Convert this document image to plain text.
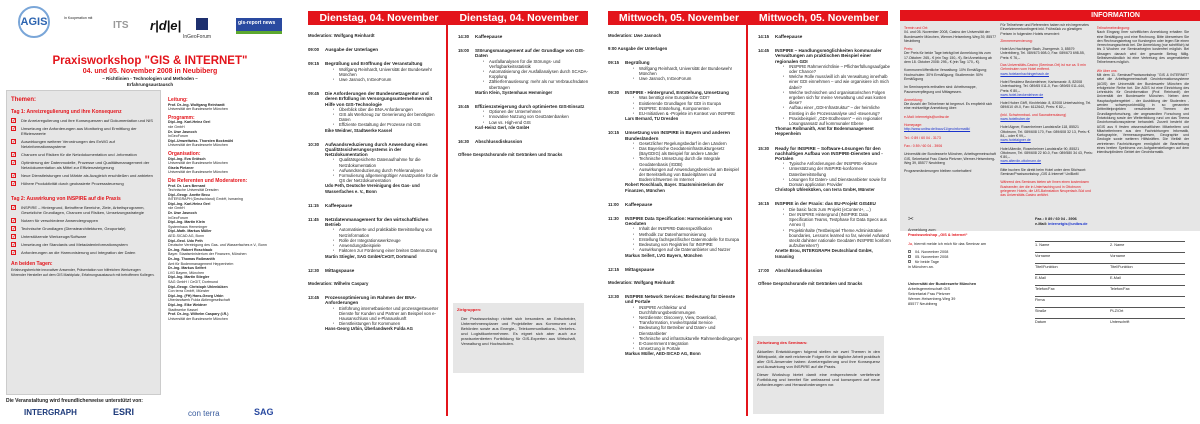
AGIS	In Kooperation mit
ITS r|d|e|
InGeoForum
gis-report news
Praxisworkshop "GIS & INTERNET"
04. und 05. November 2008 in Neubiberg
– Richtlinien - Technologien und Methoden –
Erfahrungsaustausch
Themen:
Tag 1: Anreizregulierung und ihre Konsequenz
✓ Die Anreizregulierung und ihre Konsequenzen auf Dokumentation und NIS
✓ Umsetzung der Anforderungen aus Monitoring und Ermittlung der Effizienzwerte
✓ Auswirkungen weiterer Verordnungen des EnWG auf Netzinformationssysteme
✓ Chancen und Risiken für die Netzdokumentation und -information
✓ Optimierung der Datenmodelle, Prozesse und Qualitätsmanagement der Netzdokumentation als Mittel zur Effizienzsteigerung
✓ Neue Dienstleistungen und Märkte als Ausgleich erschließen und anbieten
✓ Höhere Produktivität durch geobasierte Prozesssteuerung
Tag 2: Auswirkung von INSPIRE auf die Praxis
✓ INSPIRE – Hintergrund, Betroffene Bereiche, Ziele, Arbeitsprogramm, Gesetzliche Grundlagen, Chancen und Risiken, Umsetzungsstrategie
✓ Nutzen für verschiedene Anwendergruppen
✓ Technische Grundlagen (Dienstearchitekturen, Geoportale)
✓ Unterstützende Werkzeuge/Software
✓ Umsetzung der Standards und Metadateninformationsystem
✓ Anforderungen an die Harmonisierung und Integration der Daten
An beiden Tagen:
Erfahrungsberichte innovativer Anwender, Präsentation von hilfreichen Werkzeugen führender Hersteller auf dem GIS Marktplatz, Erfahrungsaustausch mit betroffenen Kollegen.
Leitung:
Prof. Dr.-Ing. Wolfgang Reinhardt
Universität der Bundeswehr München
Programm:
Dipl.-Ing. Karl-Heinz Gerl
rde GmbH
Dr. Uwe Jasnoch
InGeoForum
Dipl.-Umweltwiss. Thorsten Bockmühl
Universität der Bundeswehr München
Organisation:
Dipl.-Ing. Eva Grötsch
Universität der Bundeswehr München
Gisela Pletzner
Universität der Bundeswehr München
Die Referenten und Moderatoren:
Prof. Dr. Lars Bernard
Technische Universität Dresden
Dipl.-Geogr. Anette Brou
INTERGRAPH (Deutschland) GmbH, Ismaning
Dipl.-Ing. Karl-Heinz Gerl
rde GmbH
Dr. Uwe Jasnoch
InGeoForum
Dipl.-Ing. Martin Klein
Systemhaus Hemminger
Dipl.-Math. Markus Müller
AED-SICAD AG, Bonn
Dipl.-Geol. Udo Peth
Deutsche Vereinigung des Gas- und Wasserfaches e.V., Bonn
Dr.-Ing. Robert Roschlaub
Bayer. Staatsministerium der Finanzen, München
Dr.-Ing. Thomas Roßmanith
Amt für Bodenmanagement Heppenheim
Dr.-Ing. Markus Seifert
LVG Bayern, München
Dipl.-Ing. Martin Stiegler
SAG GmbH / CeGIT, Dortmund
Dipl.-Geogr. Christoph Uhlenküken
Con terra GmbH, Münster
Dipl.-Ing. (FH) Hans-Georg Urbin
Überlandwerk Fulda Aktiengesellschaft
Dipl.-Ing. Eike Weidner
Stadtwerke Kassel
Prof. Dr.-Ing. Wilhelm Caspary (i.R.)
Universität der Bundeswehr München
Die Veranstaltung wird freundlicherweise unterstützt von:
INTERGRAPH	ESRI	con terra	SAG
Dienstag, 04. November 2008
Moderation: Wolfgang Reinhardt
09:00	Ausgabe der Unterlagen
09:15	Begrüßung und Eröffnung der Veranstaltung
▪ Wolfgang Reinhardt, Universität der Bundeswehr München
▪ Uwe Jasnoch, InGeoForum
09:45	Die Anforderungen der Bundesnetzagentur und deren Erfüllung im Versorgungsunternehmen mit Hilfe von GIS-Technologie
▪ Überblick über die BNA Anforderungen
▪ GIS als Werkzeug zur Generierung der benötigten Daten
▪ Effiziente Gestaltung der Prozesse mit GIS
Eike Weidner, Stadtwerke Kassel
10:30	Aufwandsreduzierung durch Anwendung eines Qualitätssicherungssystems in der Netzdokumentation
▪ Qualitätsgesicherte Datenaufnahme für die Netzdokumentation
▪ Aufwandsreduzierung durch Fehleranalysen
▪ Formulierung allgemeingültiger Ansatzpunkte für die QS der Netzdokumentation
Udo Peth, Deutsche Vereinigung des Gas- und Wasserfaches e. V., Bonn
11:15	Kaffeepause
11:45	Netzdatenmanagement für den wirtschaftlichen Betrieb
▪ Automatisierte und praktikable Bereitstellung von Netzinformation
▪ Rolle der Integrationswerkzeuge
▪ Anwendungsbeispiele
▪ Faktoren zur Förderung einer breiten Datennutzung
Martin Stiegler, SAG GmbH/CeGIT, Dortmund
12:30	Mittagspause
Moderation: Wilhelm Caspary
13:45	Prozessoptimierung im Rahmen der BNA-Anforderungen
▪ Einführung internetbasierter und prozessgesteuerter Dienste für Kunden und Partner am Beispiel von e-Hausanschluss und e-Planauskunft
▪ Dienstleistungen für Kommunen
Hans-Georg Urbin, Überlandwerk Fulda AG
Dienstag, 04. November 2008
14:30	Kaffeepause
15:00	Störungsmanagement auf der Grundlage von GIS-Daten
▪ Ausfallanalysen für die Störungs- und Verfügbarkeitsstatistik
▪ Automatisierung der Ausfallanalysen durch SCADA-Kopplung
▪ Zählerfernauslesung: mehr als nur Verbrauchsdaten übertragen
Martin Klein, Systemhaus Hemminger
15:45	Effizienzsteigerung durch optimierten GIS-Einsatz
▪ Optionen der Unternehmen
▪ Innovative Nutzung von GeoDatenbanken
▪ Low vs. High-end GIS
Karl-Heinz Gerl, rde GmbH
16:30	Abschlussdiskussion
Offene Gesprächsrunde mit Getränken und Snacks
Zielgruppen:
Der Praxisworkshop richtet sich besonders an Entscheider, Unternehmensplaner und Projektleiter aus Kommunen und Behörden sowie aus Energie-, Telekommunikations-, Verkehrs- und Logistikunternehmen. Es eignet sich aber auch zur praxisorientierten Fortbildung für GIS-Experten aus Wirtschaft, Verwaltung und Hochschulen.
Mittwoch, 05. November 2008
Moderation: Uwe Jasnoch
9:00 Ausgabe der Unterlagen
09:15	Begrüßung
▪ Wolfgang Reinhardt, Universität der Bundeswehr München
▪ Uwe Jasnoch, InGeoForum
09:30	INSPIRE - Hintergrund, Entstehung, Umsetzung
▪ Was benötigt eine Europäische GDI?
▪ Existierende Grundlagen für GDI in Europa
▪ INSPIRE: Entstehung, Komponenten
▪ EU-Initiativen & -Projekte im Kontext von INSPIRE
Lars Bernard, TU Dresden
10:15	Umsetzung von INSPIRE in Bayern und anderen Bundesländern
▪ Gesetzlicher Regelungsbedarf in den Ländern
▪ Das Bayerische Geodateninfrastrukturgesetz (BayGDIG) als Beispiel für andere Länder
▪ Technische Umsetzung durch die Integrale Geodatenbasis (IGDB)
▪ Auswirkungen auf Anwendungsbereiche am Beispiel der Bereitstellung von Bauleitplänen und Bodenrichtwerten im Internet
Robert Roschlaub, Bayer. Staatsministerium der Finanzen, München
11:00	Kaffeepause
11:30	INSPIRE Data Specification: Harmonisierung von Geodaten
▪ Inhalt der INSPIRE-Datenspezifikation
▪ Methodik zur Datenharmonisierung
▪ Erstellung fachspezifischer Datenmodelle für Europa
▪ Bedeutung von Registries für INSPIRE
▪ Auswirkungen auf die Datenanbieter und Nutzer
Markus Seifert, LVG Bayern, München
12:15	Mittagspause
Moderation: Wolfgang Reinhardt
13:30	INSPIRE Network Services: Bedeutung für Dienste und Portale
▪ INSPIRE Architektur und Durchführungsbestimmungen
▪ Netzdienste: Discovery, View, Download, Transformation, Invoke/Spatial Service
▪ Bedeutung für Betreiber und Daten- und Dienstanbieter
▪ Technische und infrastrukturelle Rahmenbedingungen
▪ E-Government Integration
▪ Umsetzung in Portale
Markus Müller, AED-SICAD AG, Bonn
Mittwoch, 05. November 2008
14:15	Kaffeepause
14:45	INSPIRE – Handlungsmöglichkeiten kommunaler Verwaltungen am praktischen Beispiel einer regionalen GDI
▪ INSPIRE Rahmenrichtlinie – Pflichterfüllungsaufgabe oder Chance?
▪ Welche Rolle muss/will ich als Verwaltung innerhalb einer GDI einnehmen – und wie organisiere ich mich dabei?
▪ Welche technischen und organisatorischen Folgen ergeben sich für meine Verwaltung und was kosten diese?
▪ Aufbau einer „GDI-Infrastruktur“ – der heimliche Einstieg in die Prozessanalyse und -steuerung?
▪ Praxisbeispiel: „GDI-Südhessen“ – ein regionaler Lösungsansatz auf kommunaler Ebene
Thomas Roßmanith, Amt für Bodenmanagement Heppenheim
15:30	Ready for INSPIRE – Software-Lösungen für den nachhaltigen Aufbau von INSPIRE-Diensten und -Portalen
▪ Typische Anforderungen der INSPIRE-Akteure
▪ Unterstützung der INSPIRE-konformen Datenbereitstellung
▪ Lösungen für Daten- und Diensteanbieter sowie für Domain application Provider
Christoph Uhlenküken, con terra GmbH, Münster
16:15	INSPIRE in der Praxis: das EU-Projekt GIS4EU
▪ Die basic facts zum Projekt (eContent+, ...)
▪ Der INSPIRE Hintergrund (INSPIRE Data Specification Teams, Testphase für Data Specs aus Annex I)
▪ Projektinhalte (Testbeispiel Theme Administrative boundaries, Lessons learned so far, wieviel Aufwand steckt dahinter nationale Geodaten INSPIRE konform aufzubereiten?)
Anette Brou, INTERGRAPH Deutschland GmbH, Ismaning
17:00	Abschlussdiskussion
Offene Gesprächsrunde mit Getränken und Snacks
Zielsetzung des Seminars:
Aktuellen Entwicklungen folgend stellen wir zwei Themen in den Mittelpunkt, die weit reichende Folgen für die tägliche Arbeit praktisch aller GIS-Anwender haben: Anreizregulierung und ihre Konsequenz und Auswirkung von INSPIRE auf die Praxis.
Dieser Workshop bietet damit eine entsprechende vertiefende Fortbildung und bereitet Sie umfassend und konsequent auf neue Anforderungen und Herausforderungen vor.
INFORMATION
Termin und Ort:
04. und 05. November 2008, Casino der Universität der Bundeswehr München, Werner-Heisenberg-Weg 39, 85577 Neubiberg
Preis:
Der Preis für beide Tage beträgt bei Anmeldung bis zum 17.Oktober: 265,- € (ein Tag: 150,- €). Bei Anmeldung ab dem 18. Oktober 2008: 295,- € (ein Tag: 170,- €).
Kommunen/öffentliche Verwaltung: 10% Ermäßigung; Hochschulen: 30% Ermäßigung; Studierende: 50% Ermäßigung
Im Seminarpreis enthalten sind: Arbeitsmappe, Pausenverpflegung und Mittagessen.
Anmeldung:
Die Anzahl der Teilnehmer ist begrenzt. Es empfiehlt sich eine rechtzeitige Anmeldung über:
e-Mail: internetgis@unibw.de
Homepage:
http://www.unibw.de/bauv11/geoinformatik/
Tel.: 0 89 / 60 04 - 3173
Fax.: 0 89 / 60 04 - 3906
Universität der Bundeswehr München, Arbeitsgemeinschaft GIS, Sekretariat Frau Gisela Pletzner, Werner-Heisenberg-Weg 39, 85577 Neubiberg
Programmänderungen bleiben vorbehalten!
Für Teilnehmer und Referenten haben wir ein begrenztes Einzelzimmerkontingent inkl. Frühstück zu günstigen Preisen in folgenden Hotels reserviert:
Zimmerreservierung:
Hotel Am Hachinger Bach, Zwergerstr. 3, 85579 Unterbiberg, Tel. 089/673 698-0, Fax: 089/673 698-55, Preis: € 76,–
Das Universitäts-Casino (Seminar-Ort) ist nur ca. 5 min Gehminuten vom Hotel entfernt.
www.hotelamhachingerbach.de
Hotel Residenz Beckenlehner, Karlsmaxstr. 8, 82008 Unterhaching, Tel. 089/65 011-0, Fax: 089/65 011-444, Preis: € 80,–
www.hotel-beckenlehner.de
Hotel Huber GbR, Kirchfeldstr. 8, 82008 Unterhaching, Tel. 089/610 49-0, Fax: 6112642, Preis: € 82,–
(inkl. Schwimmbad- und Saunabenutzung)
www.hotelhuber.de
Hotel Aigner, Rosenheimer Landstraße 118, 85521 Ottobrunn, Tel. 089/608 170, Fax: 089/608 32 13, Preis: € 84,– oder € 99,–
www.hotelaigner.de
Hotel Alterdin, Rosenheimer Landstraße 90, 85521 Ottobrunn, Tel. 089/608 22 60-0, Fax: 089/580 34 43, Preis: € 80,–
www.alterdin-ottobrunn.de
Bitte buchen Sie direkt beim Hotel unter dem Stichwort: Seminar/Praxisworkshop „GIS & Internet“ UniBwM
Während des Seminars bieten wir Ihnen einen kostenlosen Bustransfer, der die in Unterhaching und in Ottobrunn gelegenen Hotels, die UIS-Bahnstation Neuperlach-Süd und das Universitäts-Casino anfährt.
Teilnahmebedingung:
Nach Eingang Ihrer schriftlichen Anmeldung erhalten Sie eine Bestätigung und eine Rechnung. Bitte überweisen Sie den Rechnungsbetrag vor Kursbeginn oder legen Sie einen Verrechnungsscheck bei. Die Anmeldung (nur schriftlich) ist bis 3 Wochen vor Seminarbeginn kostenfrei möglich. Bei Absagen danach wird der gesamte Betrag fällig. Selbstverständlich ist eine Vertretung des angemeldeten Teilnehmers möglich.
Wir über uns:
Mit dem 11. Seminar/Praxisworkshop "GIS & INTERNET" setzt die Arbeitsgemeinschaft Geoinformationssysteme (AGIS) der Universität der Bundeswehr München die erfolgreiche Reihe fort. Die AGIS ist eine Einrichtung des Lehrstuhls für Geoinformation (Prof. Reinhardt) der Universität der Bundeswehr München. Neben dem Hauptaufgabengebiet - der Ausbildung der Studenten - werden schwerpunktmäßig in so genannten Drittmittelprojekten verschiedene Themen der Grundlagenforschung, der angewandten Forschung und Entwicklung sowie der Weiterbildung rund um das Thema Geoinformationssysteme behandelt. Zurzeit besteht die AGIS aus 9 festen wissenschaftlichen Mitarbeitern und Mitarbeiterinnen aus den Fachrichtungen Informatik, Kartographie, Vermessungswesen, Geographie und Geologie sowie weiteren Hilfskräften. Die Vielfalt der vertretenen Fachrichtungen ermöglicht die Bearbeitung eines breiten Spektrums von Aufgabenstellungen auf dem interdisziplinären Gebiet der Geoinformatik.
✂
Anmeldung zum:
Praxisworkshop „GIS & Internet“
Ja, hiermit melde ich mich für das Seminar am
04. November 2008
05. November 2008
für beide Tage
in München an.
Universität der Bundeswehr München
Arbeitsgemeinschaft GIS
Sekretariat Frau Pletzner
Werner-Heisenberg-Weg 39
85577 Neubiberg
Fax.: 0 89 / 60 04 - 3906
e-Mail: internetgis@unibw.de
1. Name	2. Name
Vorname	Vorname
Titel/Funktion	Titel/Funktion
E-Mail	E-Mail
Telefon/Fax	Telefon/Fax
Firma
Straße	PLZ/Ort
Datum	Unterschrift
